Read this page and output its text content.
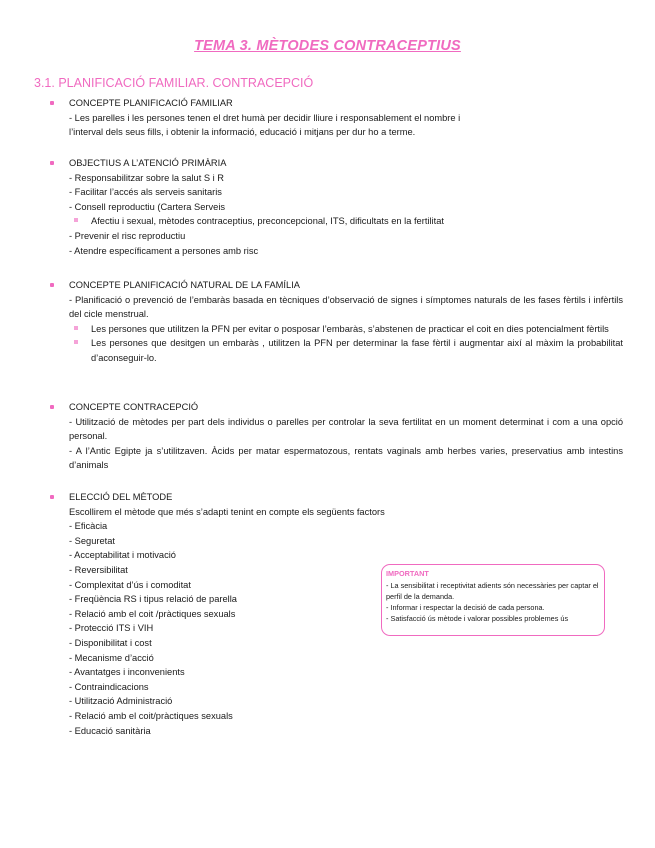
TEMA 3. MÈTODES CONTRACEPTIUS
3.1. PLANIFICACIÓ FAMILIAR. CONTRACEPCIÓ
CONCEPTE PLANIFICACIÓ FAMILIAR
- Les parelles i les persones tenen el dret humà per decidir lliure i responsablement el nombre i
l’interval dels seus fills, i obtenir la informació, educació i mitjans per dur ho a terme.
OBJECTIUS A L’ATENCIÓ PRIMÀRIA
- Responsabilitzar sobre la salut S i R
- Facilitar l’accés als serveis sanitaris
- Consell reproductiu (Cartera Serveis
Afectiu i sexual, mètodes contraceptius, preconcepcional, ITS, dificultats en la fertilitat
- Prevenir el risc reproductiu
- Atendre específicament a persones amb risc
CONCEPTE PLANIFICACIÓ NATURAL DE LA FAMÍLIA
- Planificació o prevenció de l’embaràs basada en tècniques d’observació de signes i símptomes naturals de les fases fèrtils i infèrtils del cicle menstrual.
Les persones que utilitzen la PFN per evitar o posposar l’embaràs, s’abstenen de practicar el coit en dies potencialment fèrtils
Les persones que desitgen un embaràs , utilitzen la PFN per determinar la fase fèrtil i augmentar així al màxim la probabilitat d’aconseguir-lo.
CONCEPTE CONTRACEPCIÓ
- Utilització de mètodes per part dels individus o parelles per controlar la seva fertilitat en un moment determinat i com a una opció personal.
- A l’Antic Egipte ja s’utilitzaven. Àcids per matar espermatozous, rentats vaginals amb herbes varies, preservatius amb intestins d’animals
ELECCIÓ DEL MÈTODE
Escollirem el mètode que més s’adapti tenint en compte els següents factors
- Eficàcia
- Seguretat
- Acceptabilitat i motivació
- Reversibilitat
- Complexitat d’ús i comoditat
- Freqüència RS i tipus relació de parella
- Relació amb el coit /pràctiques sexuals
- Protecció ITS i VIH
- Disponibilitat i cost
- Mecanisme d’acció
- Avantatges i inconvenients
- Contraindicacions
- Utilització Administració
- Relació amb el coit/pràctiques sexuals
- Educació sanitària
IMPORTANT
- La sensibilitat i receptivitat adients són necessàries per captar el perfil de la demanda.
- Informar i respectar la decisió de cada persona.
- Satisfacció ús mètode i valorar possibles problemes ús
